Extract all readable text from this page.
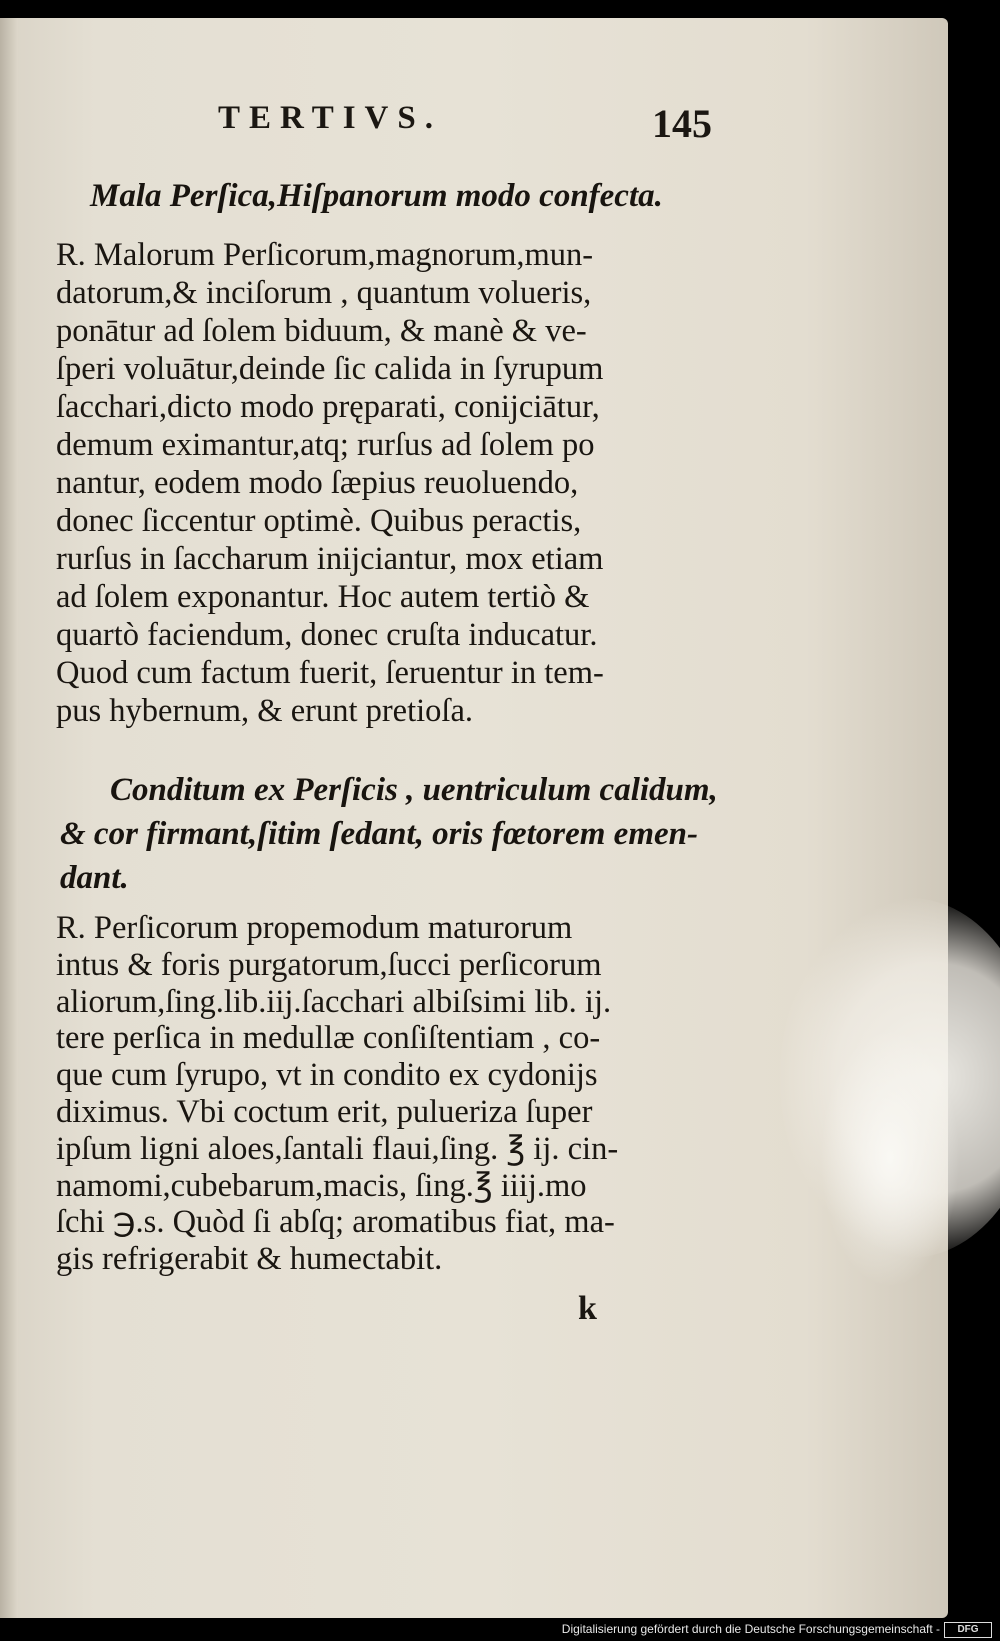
TERTIVS.	145
Mala Perſica,Hiſpanorum modo confecta.
R. Malorum Perſicorum,magnorum,mun-
datorum,& inciſorum , quantum volueris,
ponātur ad ſolem biduum, & manè & ve-
ſperi voluātur,deinde ſic calida in ſyrupum
ſacchari,dicto modo pręparati, conijciātur,
demum eximantur,atq; rurſus ad ſolem po
nantur, eodem modo ſæpius reuoluendo,
donec ſiccentur optimè. Quibus peractis,
rurſus in ſaccharum inijciantur, mox etiam
ad ſolem exponantur. Hoc autem tertiò &
quartò faciendum, donec cruſta inducatur.
Quod cum factum fuerit, ſeruentur in tem-
pus hybernum, & erunt pretioſa.
Conditum ex Perſicis , uentriculum calidum, & cor firmant,ſitim ſedant, oris fœtorem emen-dant.
R. Perſicorum propemodum maturorum
intus & foris purgatorum,ſucci perſicorum
aliorum,ſing.lib.iij.ſacchari albiſsimi lib. ij.
tere perſica in medullæ conſiſtentiam , co-
que cum ſyrupo, vt in condito ex cydonijs
diximus. Vbi coctum erit, pulueriza ſuper
ipſum ligni aloes,ſantali flaui,ſing. ℥ ij. cin-
namomi,cubebarum,macis, ſing.℥ iiij.mo
ſchi ℈.s. Quòd ſi abſq; aromatibus fiat, ma-
gis refrigerabit & humectabit.
k
Digitalisierung gefördert durch die Deutsche Forschungsgemeinschaft -	DFG
